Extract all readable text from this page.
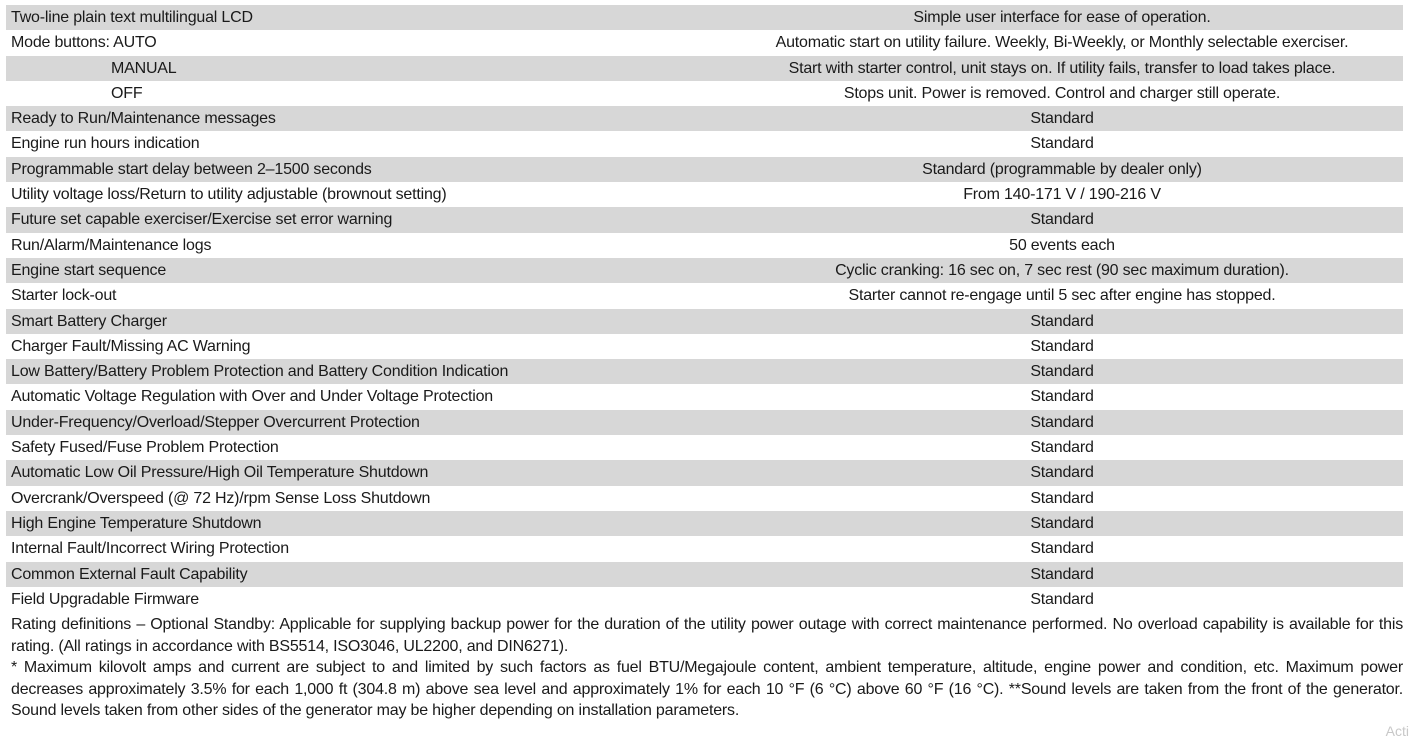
Two-line plain text multilingual LCD	Simple user interface for ease of operation.
Mode buttons: AUTO	Automatic start on utility failure. Weekly, Bi-Weekly, or Monthly selectable exerciser.
MANUAL	Start with starter control, unit stays on. If utility fails, transfer to load takes place.
OFF	Stops unit. Power is removed. Control and charger still operate.
Ready to Run/Maintenance messages	Standard
Engine run hours indication	Standard
Programmable start delay between 2–1500 seconds	Standard (programmable by dealer only)
Utility voltage loss/Return to utility adjustable (brownout setting)	From 140-171 V / 190-216 V
Future set capable exerciser/Exercise set error warning	Standard
Run/Alarm/Maintenance logs	50 events each
Engine start sequence	Cyclic cranking: 16 sec on, 7 sec rest (90 sec maximum duration).
Starter lock-out	Starter cannot re-engage until 5 sec after engine has stopped.
Smart Battery Charger	Standard
Charger Fault/Missing AC Warning	Standard
Low Battery/Battery Problem Protection and Battery Condition Indication	Standard
Automatic Voltage Regulation with Over and Under Voltage Protection	Standard
Under-Frequency/Overload/Stepper Overcurrent Protection	Standard
Safety Fused/Fuse Problem Protection	Standard
Automatic Low Oil Pressure/High Oil Temperature Shutdown	Standard
Overcrank/Overspeed (@ 72 Hz)/rpm Sense Loss Shutdown	Standard
High Engine Temperature Shutdown	Standard
Internal Fault/Incorrect Wiring Protection	Standard
Common External Fault Capability	Standard
Field Upgradable Firmware	Standard

Rating definitions – Optional Standby: Applicable for supplying backup power for the duration of the utility power outage with correct maintenance performed. No overload capability is available for this rating. (All ratings in accordance with BS5514, ISO3046, UL2200, and DIN6271).

* Maximum kilovolt amps and current are subject to and limited by such factors as fuel BTU/Megajoule content, ambient temperature, altitude, engine power and condition, etc. Maximum power decreases approximately 3.5% for each 1,000 ft (304.8 m) above sea level and approximately 1% for each 10 °F (6 °C) above 60 °F (16 °C). **Sound levels are taken from the front of the generator. Sound levels taken from other sides of the generator may be higher depending on installation parameters.

Acti
